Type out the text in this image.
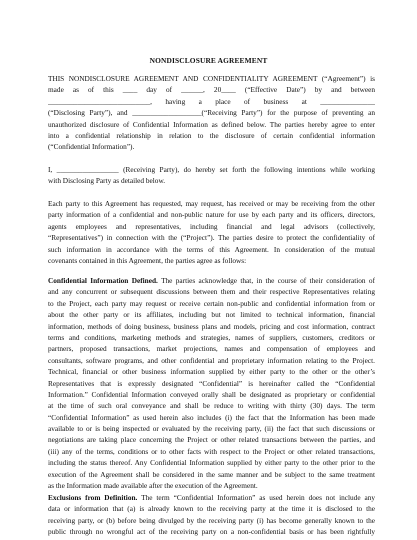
NONDISCLOSURE AGREEMENT
THIS NONDISCLOSURE AGREEMENT AND CONFIDENTIALITY AGREEMENT (“Agreement”) is
made as of this ____ day of ______, 20____ (“Effective Date”) by and between
____________________________, having a place of business at _______________
(“Disclosing Party”), and ___________________(“Receiving Party”) for the purpose of preventing an
unauthorized disclosure of Confidential Information as defined below. The parties hereby agree to enter
into a confidential relationship in relation to the disclosure of certain confidential information
(“Confidential Information”).
I, _________________ (Receiving Party), do hereby set forth the following intentions while working
with Disclosing Party as detailed below.
Each party to this Agreement has requested, may request, has received or may be receiving from the other
party information of a confidential and non-public nature for use by each party and its officers, directors,
agents employees and representatives, including financial and legal advisors (collectively,
“Representatives”) in connection with the (“Project”). The parties desire to protect the confidentiality of
such information in accordance with the terms of this Agreement. In consideration of the mutual
covenants contained in this Agreement, the parties agree as follows:
Confidential Information Defined. The parties acknowledge that, in the course of their consideration of
and any concurrent or subsequent discussions between them and their respective Representatives relating
to the Project, each party may request or receive certain non-public and confidential information from or
about the other party or its affiliates, including but not limited to technical information, financial
information, methods of doing business, business plans and models, pricing and cost information, contract
terms and conditions, marketing methods and strategies, names of suppliers, customers, creditors or
partners, proposed transactions, market projections, names and compensation of employees and
consultants, software programs, and other confidential and proprietary information relating to the Project.
Technical, financial or other business information supplied by either party to the other or the other’s
Representatives that is expressly designated “Confidential” is hereinafter called the “Confidential
Information.” Confidential Information conveyed orally shall be designated as proprietary or confidential
at the time of such oral conveyance and shall be reduce to writing with thirty (30) days. The term
“Confidential Information” as used herein also includes (i) the fact that the Information has been made
available to or is being inspected or evaluated by the receiving party, (ii) the fact that such discussions or
negotiations are taking place concerning the Project or other related transactions between the parties, and
(iii) any of the terms, conditions or to other facts with respect to the Project or other related transactions,
including the status thereof. Any Confidential Information supplied by either party to the other prior to the
execution of the Agreement shall be considered in the same manner and be subject to the same treatment
as the Information made available after the execution of the Agreement.
Exclusions from Definition. The term “Confidential Information” as used herein does not include any
data or information that (a) is already known to the receiving party at the time it is disclosed to the
receiving party, or (b) before being divulged by the receiving party (i) has become generally known to the
public through no wrongful act of the receiving party on a non-confidential basis or has been rightfully
